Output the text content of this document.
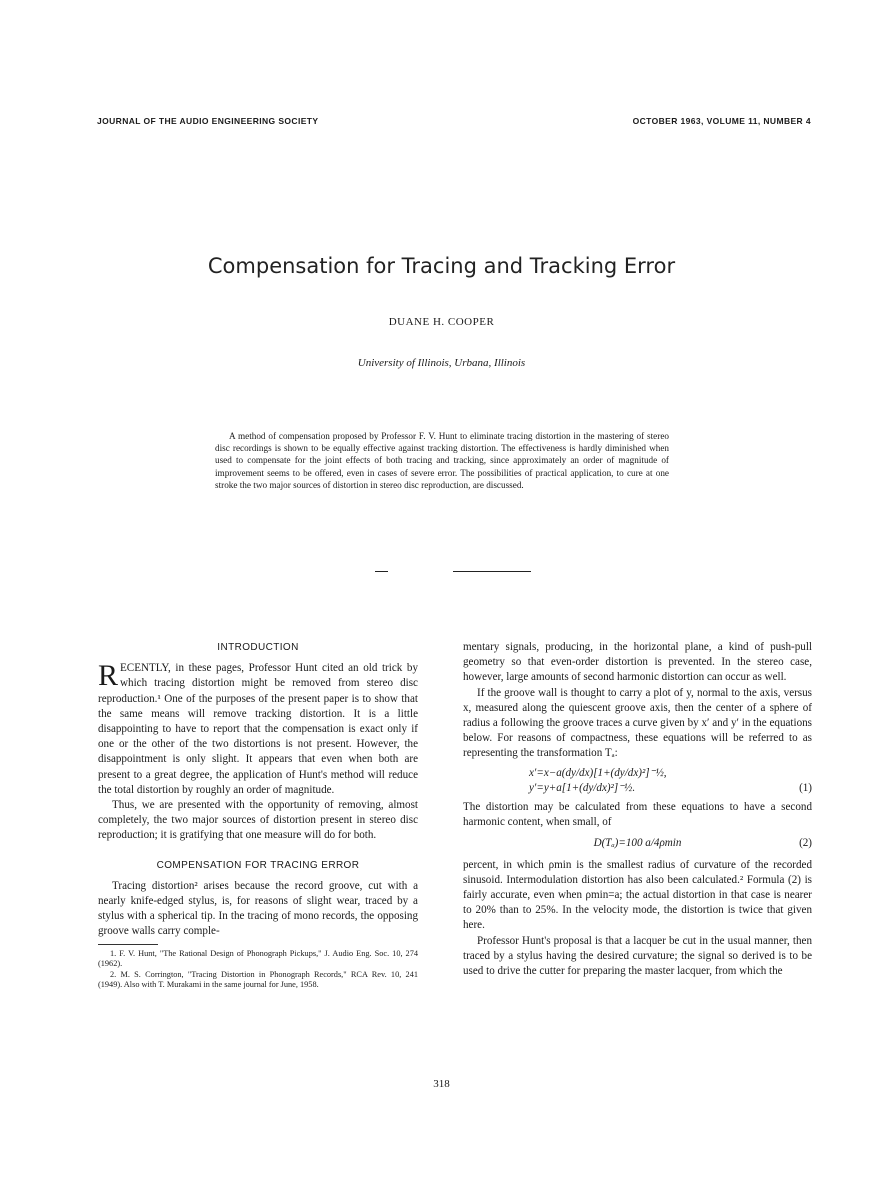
JOURNAL OF THE AUDIO ENGINEERING SOCIETY	OCTOBER 1963, VOLUME 11, NUMBER 4
Compensation for Tracing and Tracking Error
DUANE H. COOPER
University of Illinois, Urbana, Illinois

A method of compensation proposed by Professor F. V. Hunt to eliminate tracing distortion in the mastering of stereo disc recordings is shown to be equally effective against tracking distortion. The effectiveness is hardly diminished when used to compensate for the joint effects of both tracing and tracking, since approximately an order of magnitude of improvement seems to be offered, even in cases of severe error. The possibilities of practical application, to cure at one stroke the two major sources of distortion in stereo disc reproduction, are discussed.

INTRODUCTION

RECENTLY, in these pages, Professor Hunt cited an old trick by which tracing distortion might be removed from stereo disc reproduction.¹ One of the purposes of the present paper is to show that the same means will remove tracking distortion. It is a little disappointing to have to report that the compensation is exact only if one or the other of the two distortions is not present. However, the disappointment is only slight. It appears that even when both are present to a great degree, the application of Hunt's method will reduce the total distortion by roughly an order of magnitude.

Thus, we are presented with the opportunity of removing, almost completely, the two major sources of distortion present in stereo disc reproduction; it is gratifying that one measure will do for both.

COMPENSATION FOR TRACING ERROR

Tracing distortion² arises because the record groove, cut with a nearly knife-edged stylus, is, for reasons of slight wear, traced by a stylus with a spherical tip. In the tracing of mono records, the opposing groove walls carry comple-

1. F. V. Hunt, "The Rational Design of Phonograph Pickups," J. Audio Eng. Soc. 10, 274 (1962).

2. M. S. Corrington, "Tracing Distortion in Phonograph Records," RCA Rev. 10, 241 (1949). Also with T. Murakami in the same journal for June, 1958.

mentary signals, producing, in the horizontal plane, a kind of push-pull geometry so that even-order distortion is prevented. In the stereo case, however, large amounts of second harmonic distortion can occur as well.

If the groove wall is thought to carry a plot of y, normal to the axis, versus x, measured along the quiescent groove axis, then the center of a sphere of radius a following the groove traces a curve given by x′ and y′ in the equations below. For reasons of compactness, these equations will be referred to as representing the transformation Tₐ:

x′=x−a(dy/dx)[1+(dy/dx)²]⁻½,
y′=y+a[1+(dy/dx)²]⁻½.	(1)

The distortion may be calculated from these equations to have a second harmonic content, when small, of

D(Tₐ)=100 a/4ρmin	(2)

percent, in which ρmin is the smallest radius of curvature of the recorded sinusoid. Intermodulation distortion has also been calculated.² Formula (2) is fairly accurate, even when ρmin=a; the actual distortion in that case is nearer to 20% than to 25%. In the velocity mode, the distortion is twice that given here.

Professor Hunt's proposal is that a lacquer be cut in the usual manner, then traced by a stylus having the desired curvature; the signal so derived is to be used to drive the cutter for preparing the master lacquer, from which the

318
